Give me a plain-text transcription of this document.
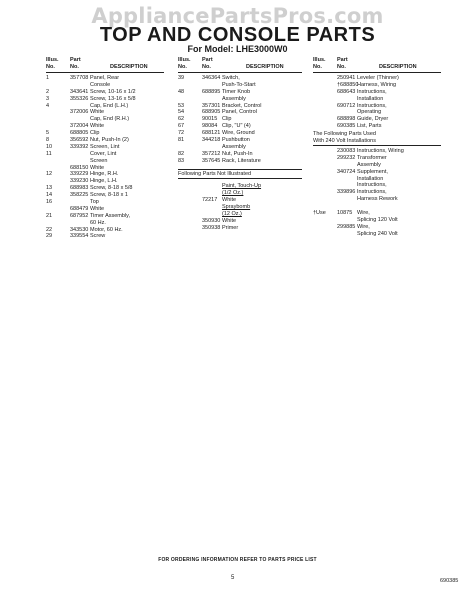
AppliancePartsPros.com
TOP AND CONSOLE PARTS
For Model: LHE3000W0
Illus.
No.
Part
No.	DESCRIPTION
1	357708 Panel, Rear
Console
2	343641 Screw, 10-16 x 1/2
3	355326 Screw, 13-16 x 5/8
4	Cap, End (L.H.)
372006 White
Cap, End (R.H.)
372004 White
5	688805 Clip
8	356592 Nut, Push-In (2)
10	339392 Screen, Lint
11	Cover, Lint
Screen
688150 White
12	339229 Hinge, R.H.
339230 Hinge, L.H.
13	688983 Screw, 8-18 x 5/8
14	358225 Screw, 8-18 x 1
16	Top
688479 White
21	687952 Timer Assembly,
60 Hz.
22	343530 Motor, 60 Hz.
29	339554 Screw
Illus.
No.
Part
No.	DESCRIPTION
39	346364 Switch,
Push-To-Start
48	688895 Timer Knob
Assembly
53	357301 Bracket, Control
54	688905 Panel, Control
62	90015 Clip
67	98084 Clip, "U" (4)
72	688121 Wire, Ground
81	344218 Pushbutton
Assembly
82	357212 Nut, Push-In
83	357645 Rack, Literature
Following Parts Not Illustrated
Paint, Touch-Up
(1/2 Oz.)
72217 White
Spraybomb
(12 Oz.)
350930 White
350938 Primer
Illus.
No.
Part
No.	DESCRIPTION
250941 Leveler (Thinner)
†688850
Harness, Wiring
688643 Instructions,
Installation
690712 Instructions,
Operating
688898 Guide, Dryer
690385 List, Parts
The Following Parts Used
With 240 Volt Installations
230083 Instructions, Wiring
299232 Transformer
Assembly
340724 Supplement,
Installation
Instructions,
339896 Instructions,
Harness Rework
†Use 10875 Wire,
Splicing 120 Volt
299885 Wire,
Splicing 240 Volt
FOR ORDERING INFORMATION REFER TO PARTS PRICE LIST
5	690385
